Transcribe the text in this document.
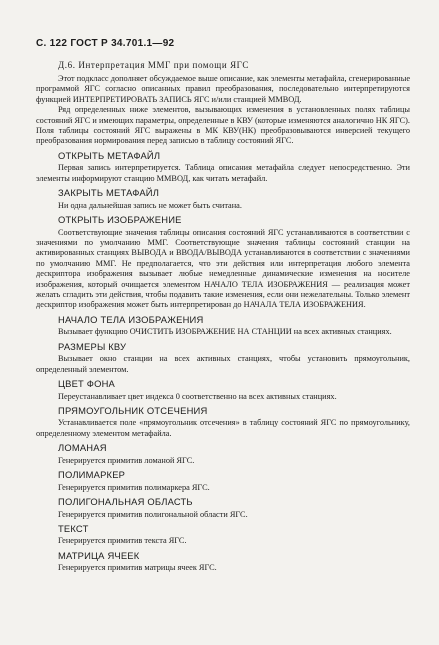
С. 122 ГОСТ Р 34.701.1—92
Д.6. Интерпретация ММГ при помощи ЯГС

Этот подкласс дополняет обсуждаемое выше описание, как элементы метафайла, сгенерированные программой ЯГС согласно описанных правил преобразования, последовательно интерпретируются функцией ИНТЕРПРЕТИРОВАТЬ ЗАПИСЬ ЯГС и/или станцией ММВОД.

Ряд определенных ниже элементов, вызывающих изменения в установленных полях таблицы состояний ЯГС и имеющих параметры, определенные в КВУ (которые изменяются аналогично НК ЯГС). Поля таблицы состояний ЯГС выражены в МК КВУ(НК) преобразовываются инверсией текущего преобразования нормирования перед записью в таблицу состояний ЯГС.

ОТКРЫТЬ МЕТАФАЙЛ

Первая запись интерпретируется. Таблица описания метафайла следует непосредственно. Эти элементы информируют станцию ММВОД, как читать метафайл.

ЗАКРЫТЬ МЕТАФАЙЛ

Ни одна дальнейшая запись не может быть считана.

ОТКРЫТЬ ИЗОБРАЖЕНИЕ

Соответствующие значения таблицы описания состояний ЯГС устанавливаются в соответствии с значениями по умолчанию ММГ. Соответствующие значения таблицы состояний станции на активированных станциях ВЫВОДА и ВВОДА/ВЫВОДА устанавливаются в соответствии с значениями по умолчанию ММГ. Не предполагается, что эти действия или интерпретация любого элемента дескриптора изображения вызывает любые немедленные динамические изменения на носителе изображения, который очищается элементом НАЧАЛО ТЕЛА ИЗОБРАЖЕНИЯ — реализация может желать сгладить эти действия, чтобы подавить такие изменения, если они нежелательны. Только элемент дескриптор изображения может быть интерпретирован до НАЧАЛА ТЕЛА ИЗОБРАЖЕНИЯ.

НАЧАЛО ТЕЛА ИЗОБРАЖЕНИЯ

Вызывает функцию ОЧИСТИТЬ ИЗОБРАЖЕНИЕ НА СТАНЦИИ на всех активных станциях.

РАЗМЕРЫ КВУ

Вызывает окно станции на всех активных станциях, чтобы установить прямоугольник, определенный элементом.

ЦВЕТ ФОНА

Переустанавливает цвет индекса 0 соответственно на всех активных станциях.

ПРЯМОУГОЛЬНИК ОТСЕЧЕНИЯ

Устанавливается поле «прямоугольник отсечения» в таблицу состояний ЯГС по прямоугольнику, определенному элементом метафайла.

ЛОМАНАЯ

Генерируется примитив ломаной ЯГС.

ПОЛИМАРКЕР

Генерируется примитив полимаркера ЯГС.

ПОЛИГОНАЛЬНАЯ ОБЛАСТЬ

Генерируется примитив полигональной области ЯГС.

ТЕКСТ

Генерируется примитив текста ЯГС.

МАТРИЦА ЯЧЕЕК

Генерируется примитив матрицы ячеек ЯГС.
